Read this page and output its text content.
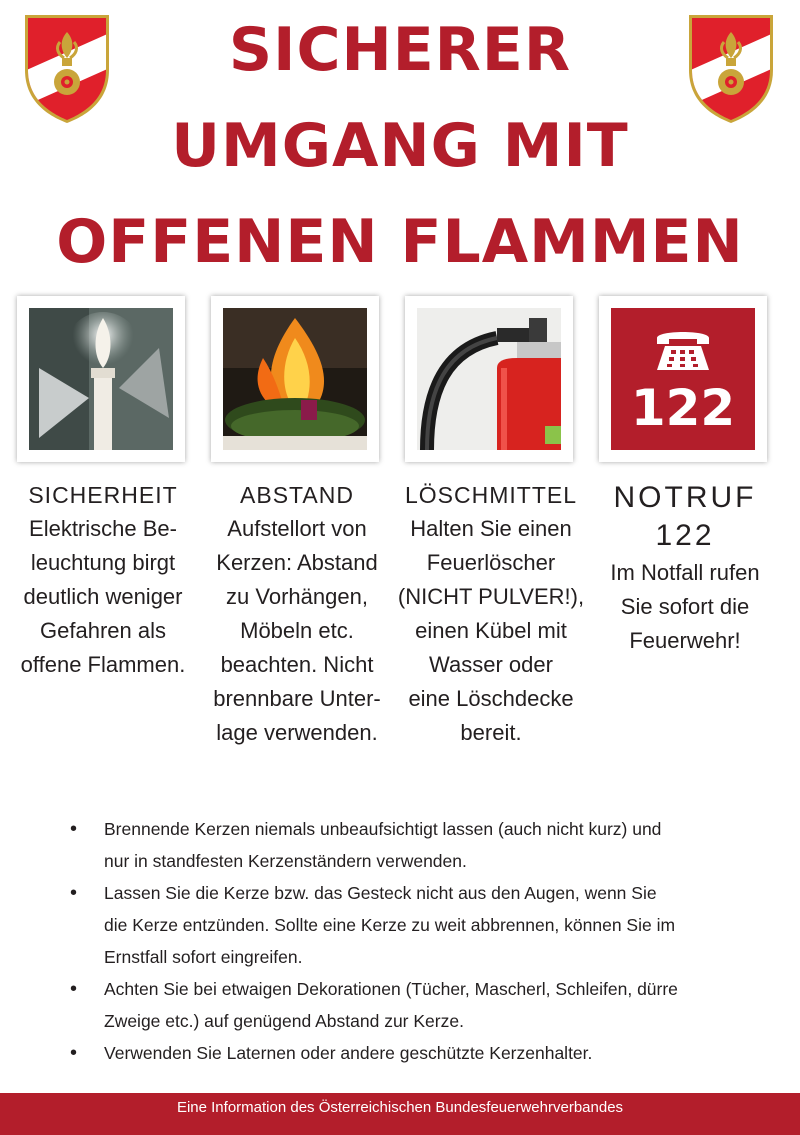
SICHERER
UMGANG MIT
OFFENEN FLAMMEN
122
SICHERHEIT
Elektrische Be-
leuchtung birgt
deutlich weniger
Gefahren als
offene Flammen.
ABSTAND
Aufstellort von
Kerzen: Abstand
zu Vorhängen,
Möbeln etc.
beachten. Nicht
brennbare Unter-
lage verwenden.
LÖSCHMITTEL
Halten Sie einen
Feuerlöscher
(NICHT PULVER!),
einen Kübel mit
Wasser oder
eine Löschdecke
bereit.
NOTRUF
122
Im Notfall rufen
Sie sofort die
Feuerwehr!
• Brennende Kerzen niemals unbeaufsichtigt lassen (auch nicht kurz) und
nur in standfesten Kerzenständern verwenden.
• Lassen Sie die Kerze bzw. das Gesteck nicht aus den Augen, wenn Sie
die Kerze entzünden. Sollte eine Kerze zu weit abbrennen, können Sie im
Ernstfall sofort eingreifen.
• Achten Sie bei etwaigen Dekorationen (Tücher, Mascherl, Schleifen, dürre
Zweige etc.) auf genügend Abstand zur Kerze.
• Verwenden Sie Laternen oder andere geschützte Kerzenhalter.
Eine Information des Österreichischen Bundesfeuerwehrverbandes
